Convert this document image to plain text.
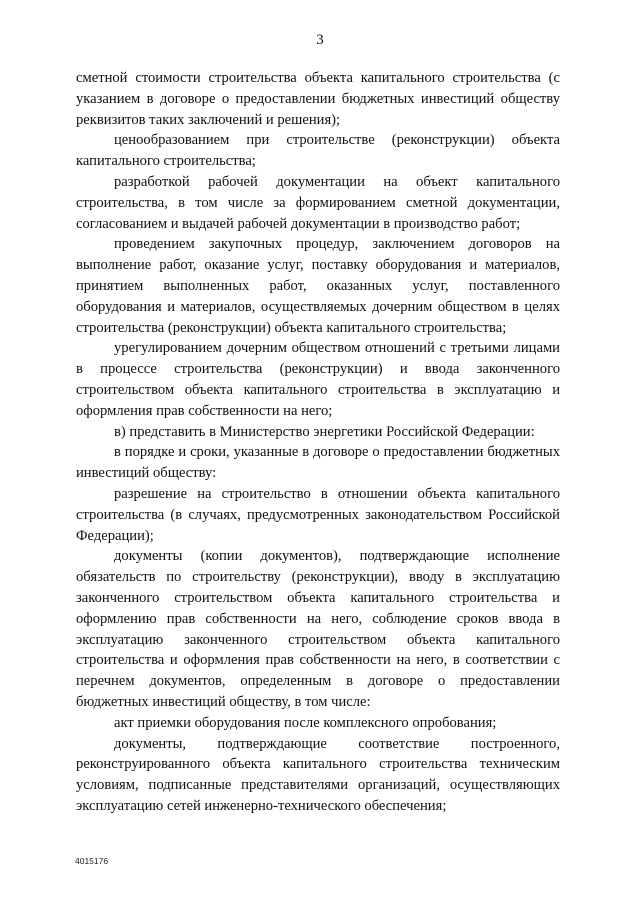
3

сметной стоимости строительства объекта капитального строительства (с указанием в договоре о предоставлении бюджетных инвестиций обществу реквизитов таких заключений и решения);

ценообразованием при строительстве (реконструкции) объекта капитального строительства;

разработкой рабочей документации на объект капитального строительства, в том числе за формированием сметной документации, согласованием и выдачей рабочей документации в производство работ;

проведением закупочных процедур, заключением договоров на выполнение работ, оказание услуг, поставку оборудования и материалов, принятием выполненных работ, оказанных услуг, поставленного оборудования и материалов, осуществляемых дочерним обществом в целях строительства (реконструкции) объекта капитального строительства;

урегулированием дочерним обществом отношений с третьими лицами в процессе строительства (реконструкции) и ввода законченного строительством объекта капитального строительства в эксплуатацию и оформления прав собственности на него;

в) представить в Министерство энергетики Российской Федерации:

в порядке и сроки, указанные в договоре о предоставлении бюджетных инвестиций обществу:

разрешение на строительство в отношении объекта капитального строительства (в случаях, предусмотренных законодательством Российской Федерации);

документы (копии документов), подтверждающие исполнение обязательств по строительству (реконструкции), вводу в эксплуатацию законченного строительством объекта капитального строительства и оформлению прав собственности на него, соблюдение сроков ввода в эксплуатацию законченного строительством объекта капитального строительства и оформления прав собственности на него, в соответствии с перечнем документов, определенным в договоре о предоставлении бюджетных инвестиций обществу, в том числе:

акт приемки оборудования после комплексного опробования;

документы, подтверждающие соответствие построенного, реконструированного объекта капитального строительства техническим условиям, подписанные представителями организаций, осуществляющих эксплуатацию сетей инженерно-технического обеспечения;

4015176
